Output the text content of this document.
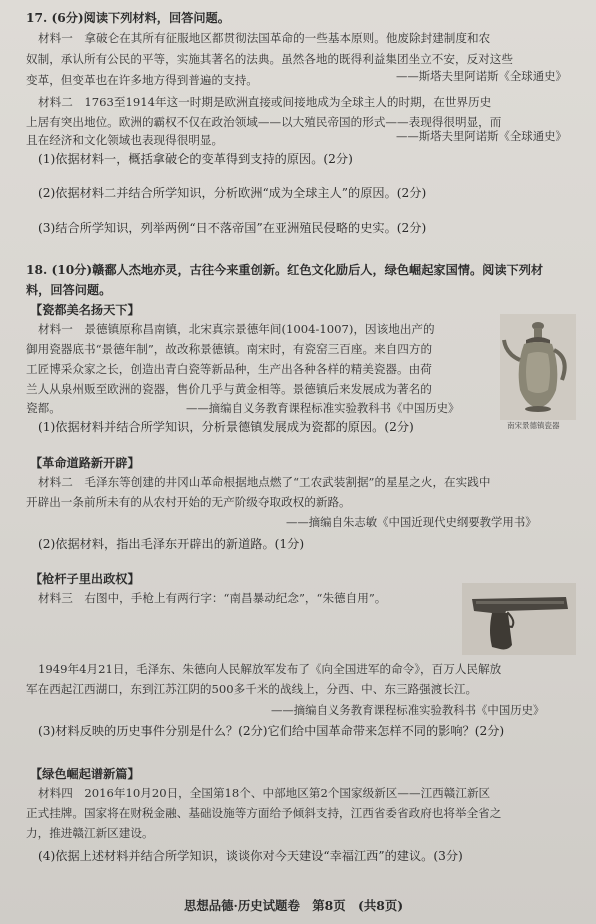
17. (6分)阅读下列材料，回答问题。
材料一　拿破仑在其所有征服地区都贯彻法国革命的一些基本原则。他废除封建制度和农
奴制，承认所有公民的平等，实施其著名的法典。虽然各地的既得利益集团坐立不安，反对这些
变革，但变革也在许多地方得到普遍的支持。	——斯塔夫里阿诺斯《全球通史》
材料二　1763至1914年这一时期是欧洲直接或间接地成为全球主人的时期，在世界历史
上居有突出地位。欧洲的霸权不仅在政治领域——以大殖民帝国的形式——表现得很明显，而
且在经济和文化领域也表现得很明显。	——斯塔夫里阿诺斯《全球通史》
(1)依据材料一，概括拿破仑的变革得到支持的原因。(2分)
(2)依据材料二并结合所学知识，分析欧洲“成为全球主人”的原因。(2分)
(3)结合所学知识，列举两例“日不落帝国”在亚洲殖民侵略的史实。(2分)
18. (10分)赣鄱人杰地亦灵，古往今来重创新。红色文化励后人，绿色崛起家国情。阅读下列材
料，回答问题。
【瓷都美名扬天下】
材料一　景德镇原称昌南镇，北宋真宗景德年间(1004-1007)，因该地出产的
御用瓷器底书“景德年制”，故改称景德镇。南宋时，有瓷窑三百座。来自四方的
工匠博采众家之长，创造出青白瓷等新品种，生产出各种各样的精美瓷器。由荷
兰人从泉州贩至欧洲的瓷器，售价几乎与黄金相等。景德镇后来发展成为著名的
瓷都。	——摘编自义务教育课程标准实验教科书《中国历史》
(1)依据材料并结合所学知识，分析景德镇发展成为瓷都的原因。(2分)	南宋景德镇瓷器
【革命道路新开辟】
材料二　毛泽东等创建的井冈山革命根据地点燃了“工农武装割据”的星星之火，在实践中
开辟出一条前所未有的从农村开始的无产阶级夺取政权的新路。
——摘编自朱志敏《中国近现代史纲要教学用书》
(2)依据材料，指出毛泽东开辟出的新道路。(1分)
【枪杆子里出政权】
材料三　右图中，手枪上有两行字：“南昌暴动纪念”，“朱德自用”。
1949年4月21日，毛泽东、朱德向人民解放军发布了《向全国进军的命令》，百万人民解放
军在西起江西湖口，东到江苏江阴的500多千米的战线上，分西、中、东三路强渡长江。
——摘编自义务教育课程标准实验教科书《中国历史》
(3)材料反映的历史事件分别是什么？(2分)它们给中国革命带来怎样不同的影响？(2分)
【绿色崛起谱新篇】
材料四　2016年10月20日，全国第18个、中部地区第2个国家级新区——江西赣江新区
正式挂牌。国家将在财税金融、基础设施等方面给予倾斜支持，江西省委省政府也将举全省之
力，推进赣江新区建设。
(4)依据上述材料并结合所学知识，谈谈你对今天建设“幸福江西”的建议。(3分)
思想品德·历史试题卷　第8页　(共8页)
